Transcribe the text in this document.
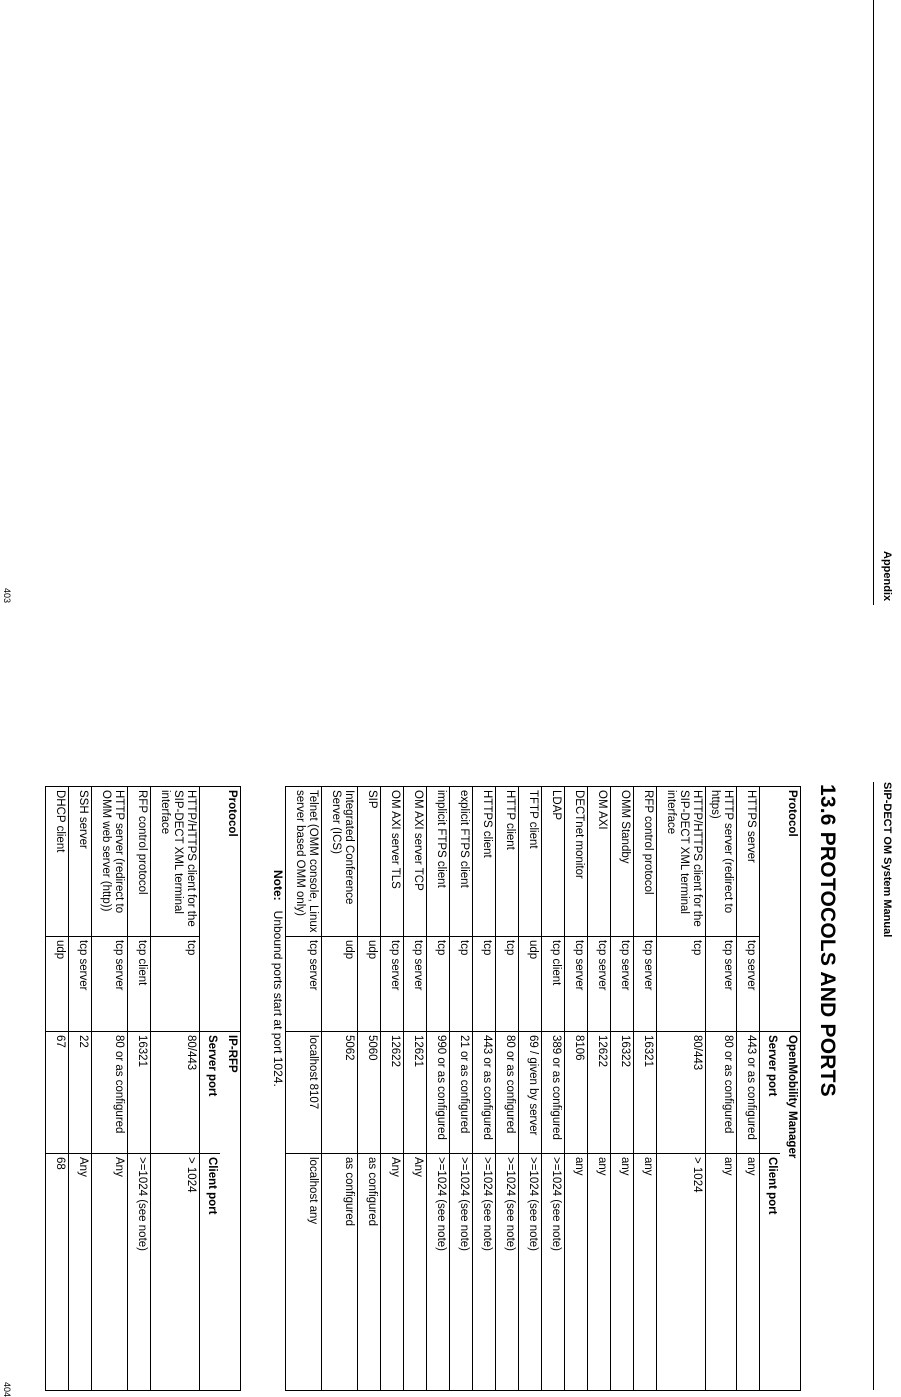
SIP-DECT OM System Manual
Appendix
404
403
13.6 PROTOCOLS AND PORTS
Protocol		OpenMobility Manager	
		Server port	Client port
HTTPS server	tcp server	443 or as configured	any
HTTP server (redirect to https)	tcp server	80 or as configured	any
HTTP/HTTPS client for the SIP-DECT XML terminal interface	tcp	80/443	> 1024
RFP control protocol	tcp server	16321	any
OMM Standby	tcp server	16322	any
OM AXI	tcp server	12622	any
DECTnet monitor	tcp server	8106	any
LDAP	tcp client	389 or as configured	>=1024 (see note)
TFTP client	udp	69 / given by server	>=1024 (see note)
HTTP client	tcp	80 or as configured	>=1024 (see note)
HTTPS client	tcp	443 or as configured	>=1024 (see note)
explicit FTPS client	tcp	21 or as configured	>=1024 (see note)
implicit FTPS client	tcp	990 or as configured	>=1024 (see note)
OM AXI server TCP	tcp server	12621	Any
OM AXI server TLS	tcp server	12622	Any
SIP	udp	5060	as configured
Integrated Conference Server (ICS)	udp	5062	as configured
Telnet (OMM console, Linux server based OMM only)	tcp server	localhost 8107	localhost any
Note:Unbound ports start at port 1024.
Protocol		IP-RFP	
		Server port	Client port
HTTP/HTTPS client for the SIP-DECT XML terminal interface	tcp	80/443	> 1024
RFP control protocol	tcp client	16321	>=1024 (see note)
HTTP server (redirect to OMM web server (http))	tcp server	80 or as configured	Any
SSH server	tcp server	22	Any
DHCP client	udp	67	68
